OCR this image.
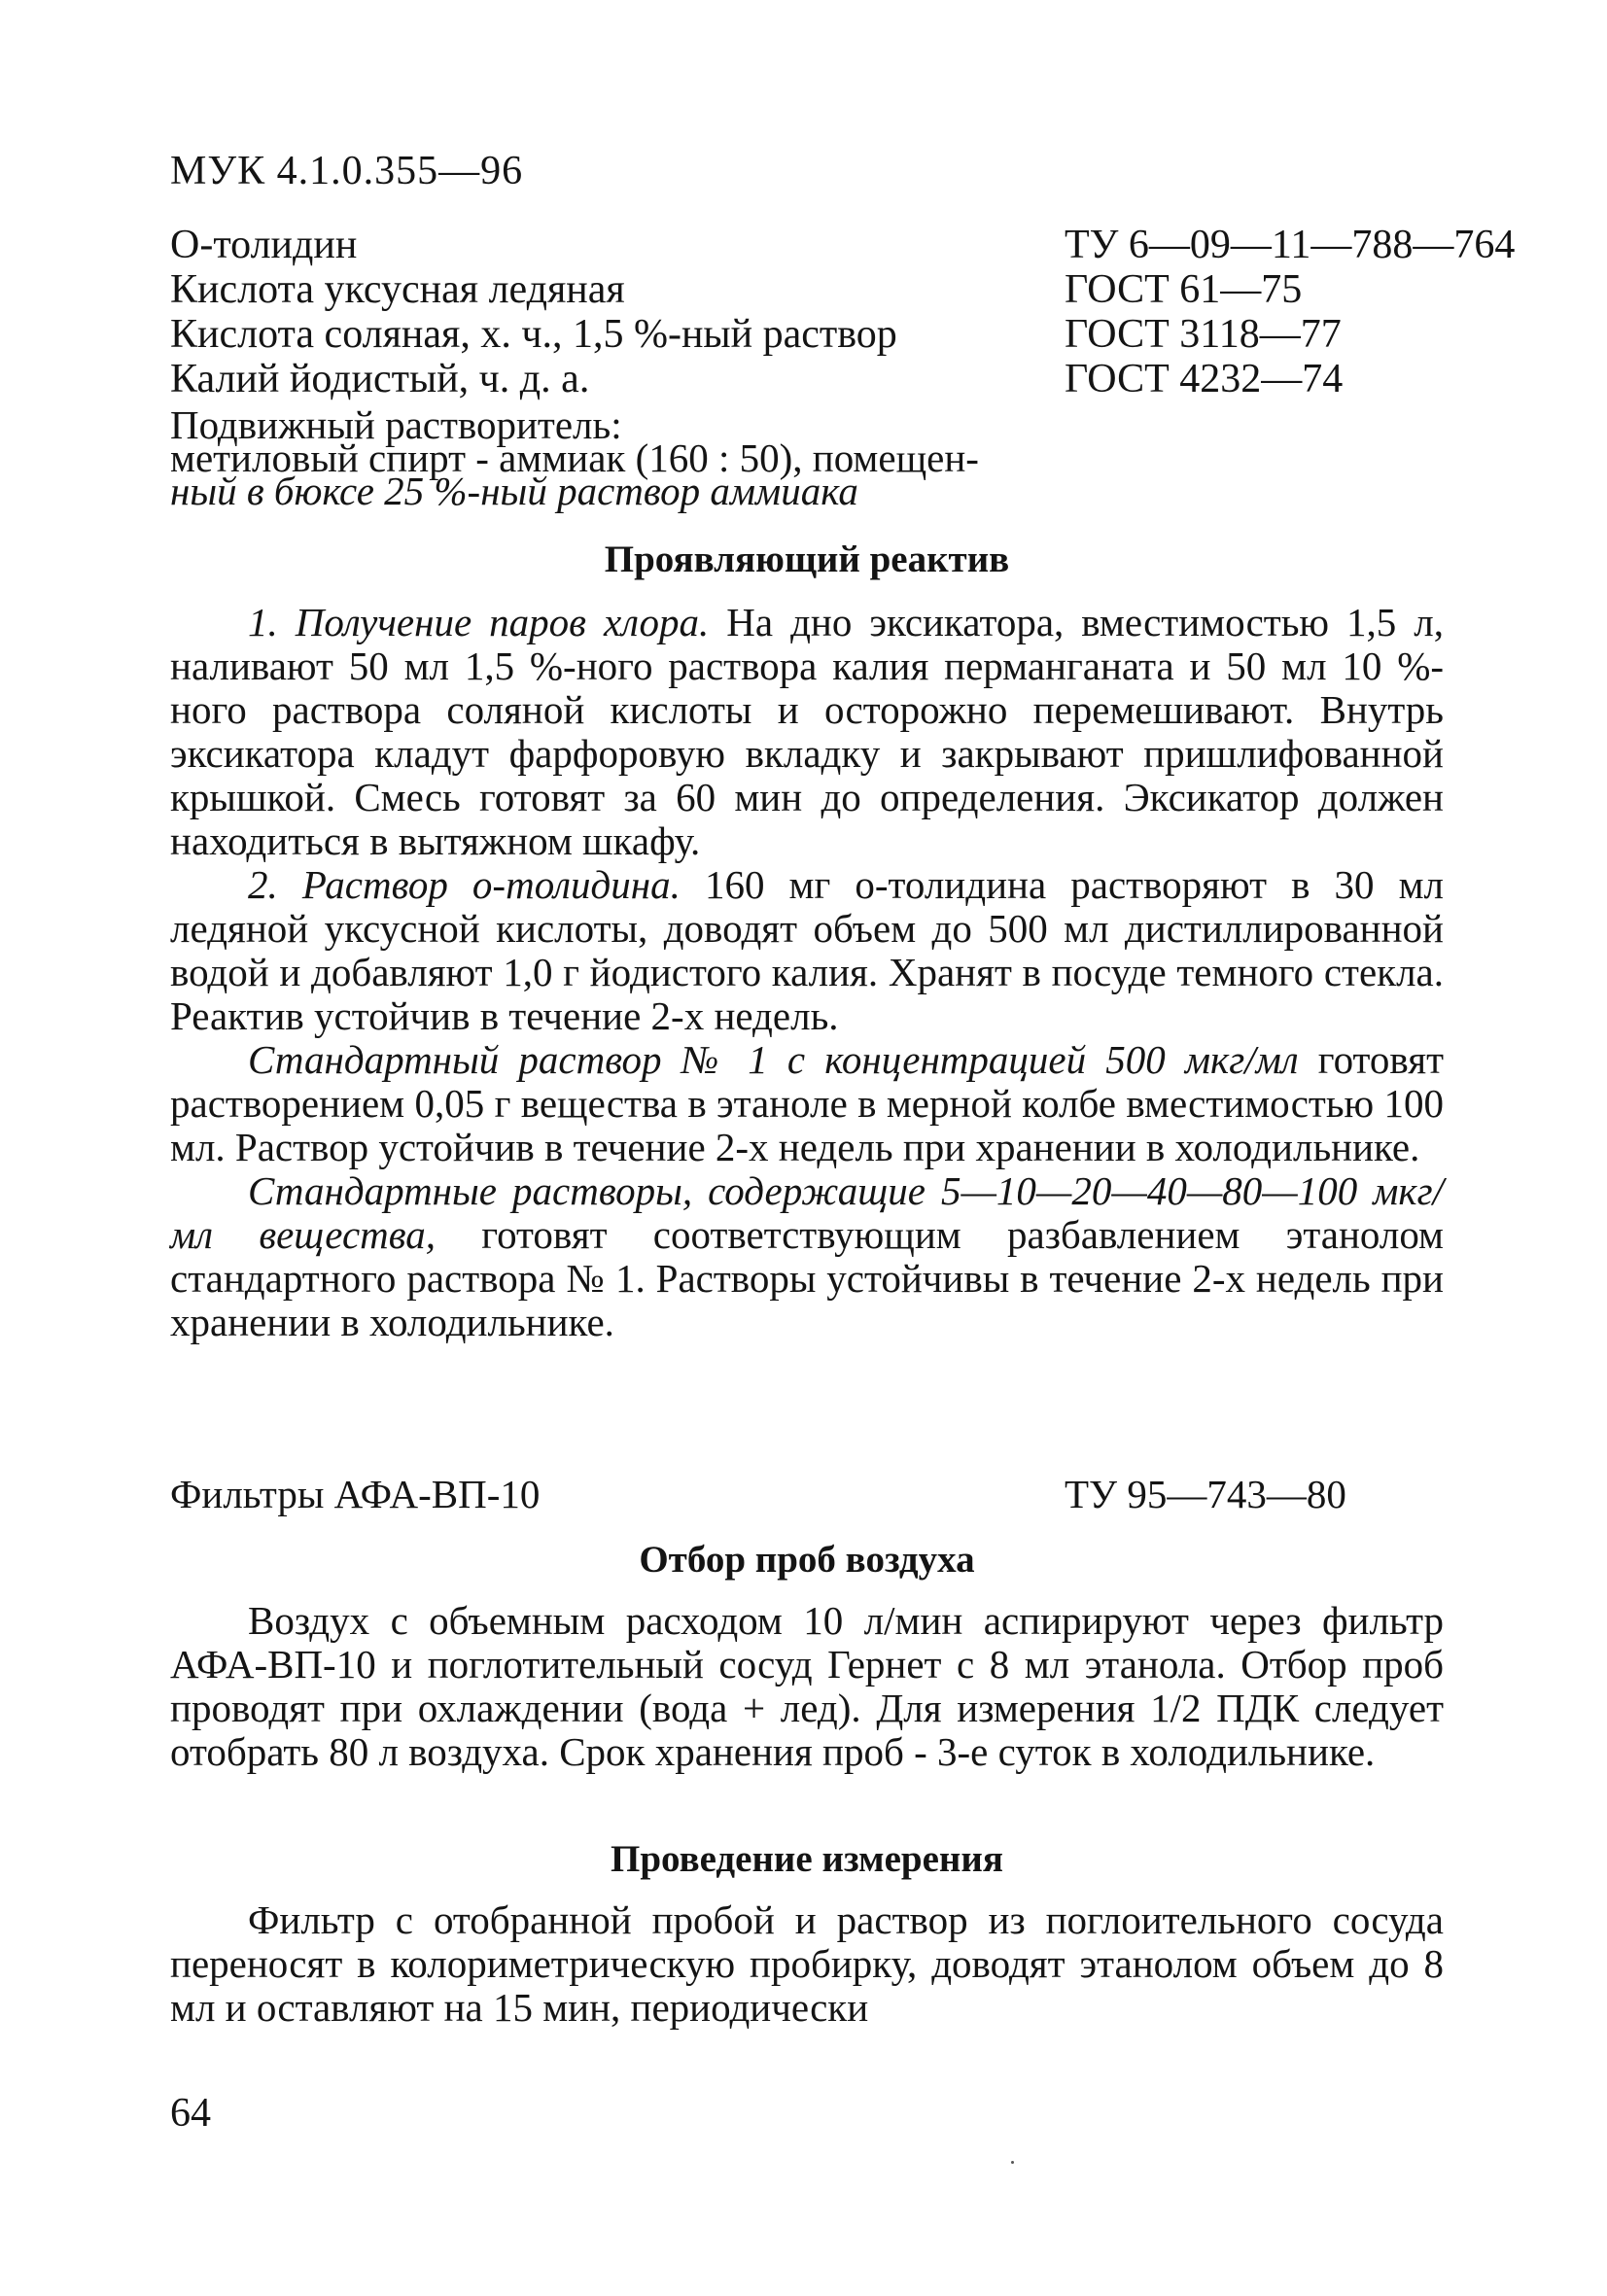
МУК 4.1.0.355—96
О-толидин	ТУ 6—09—11—788—764
Кислота уксусная ледяная	ГОСТ 61—75
Кислота соляная, х. ч., 1,5 %-ный раствор	ГОСТ 3118—77
Калий йодистый, ч. д. а.	ГОСТ 4232—74
Подвижный растворитель:
метиловый спирт - аммиак (160 : 50), помещен-
ный в бюксе 25 %-ный раствор аммиака
Проявляющий реактив

1. Получение паров хлора. На дно эксикатора, вместимостью 1,5 л, наливают 50 мл 1,5 %-ного раствора калия перманганата и 50 мл 10 %-ного раствора соляной кислоты и осторожно перемешивают. Внутрь эксикатора кладут фарфоровую вкладку и закрывают пришлифованной крышкой. Смесь готовят за 60 мин до определения. Эксикатор должен находиться в вытяжном шкафу.

2. Раствор о-толидина. 160 мг о-толидина растворяют в 30 мл ледяной уксусной кислоты, доводят объем до 500 мл дистиллированной водой и добавляют 1,0 г йодистого калия. Хранят в посуде темного стекла. Реактив устойчив в течение 2-х недель.

Стандартный раствор № 1 с концентрацией 500 мкг/мл готовят растворением 0,05 г вещества в этаноле в мерной колбе вместимостью 100 мл. Раствор устойчив в течение 2-х недель при хранении в холодильнике.

Стандартные растворы, содержащие 5—10—20—40—80—100 мкг/мл вещества, готовят соответствующим разбавлением этанолом стандартного раствора № 1. Растворы устойчивы в течение 2-х недель при хранении в холодильнике.

Фильтры АФА-ВП-10	ТУ 95—743—80
Отбор проб воздуха

Воздух с объемным расходом 10 л/мин аспирируют через фильтр АФА-ВП-10 и поглотительный сосуд Гернет с 8 мл этанола. Отбор проб проводят при охлаждении (вода + лед). Для измерения 1/2 ПДК следует отобрать 80 л воздуха. Срок хранения проб - 3-е суток в холодильнике.

Проведение измерения

Фильтр с отобранной пробой и раствор из поглоительного сосуда переносят в колориметрическую пробирку, доводят этанолом объем до 8 мл и оставляют на 15 мин, периодически

64
